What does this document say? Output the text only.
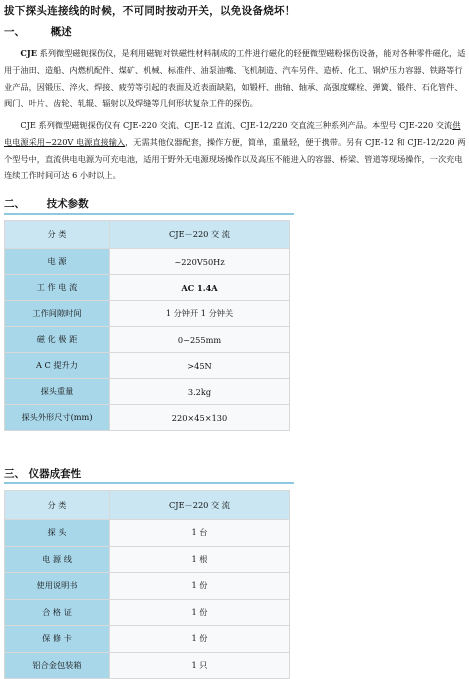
拔下探头连接线的时候，不可同时按动开关，以免设备烧坏！
一、 概述

CJE 系列微型磁轭探伤仪，是利用磁轭对铁磁性材料制成的工件进行磁化的轻便微型磁粉探伤设备，能对各种零件磁化，适用于油田、造船、内燃机配件、煤矿、机械、标准件、油泵油嘴、飞机制造、汽车另件、造桥、化工、锅炉压力容器、铁路等行业产品，因锻压、淬火、焊接、疲劳等引起的表面及近表面缺陷，如锻杆、曲轴、轴承、高强度螺栓、弹簧、锻件、石化管件、阀门、叶片、齿轮、轧辊、辐射以及焊缝等几何形状复杂工件的探伤。

CJE 系列微型磁轭探伤仪有 CJE-220 交流、CJE-12 直流、CJE-12/220 交直流三种系列产品。本型号 CJE-220 交流供电电源采用~220V 电源直接输入，无需其他仪器配套，操作方便，简单，重量轻，便于携带。另有 CJE-12 和 CJE-12/220 两个型号中，直流供电电源为可充电池，适用于野外无电源现场操作以及高压不能进入的容器、桥梁、管道等现场操作，一次充电连续工作时间可达 6 小时以上。

二、 技术参数
分 类	CJE－220 交 流
电 源	~220V50Hz
工 作 电 流	AC 1.4A
工作间隙时间	1 分钟开 1 分钟关
磁 化 极 距	0~255mm
A C 提升力	>45N
探头重量	3.2kg
探头外形尺寸(mm)	220×45×130
三、 仪器成套性
分 类	CJE－220 交 流
探 头	1 台
电 源 线	1 根
使用说明书	1 份
合 格 证	1 份
保 修 卡	1 份
铝合金包装箱	1 只
